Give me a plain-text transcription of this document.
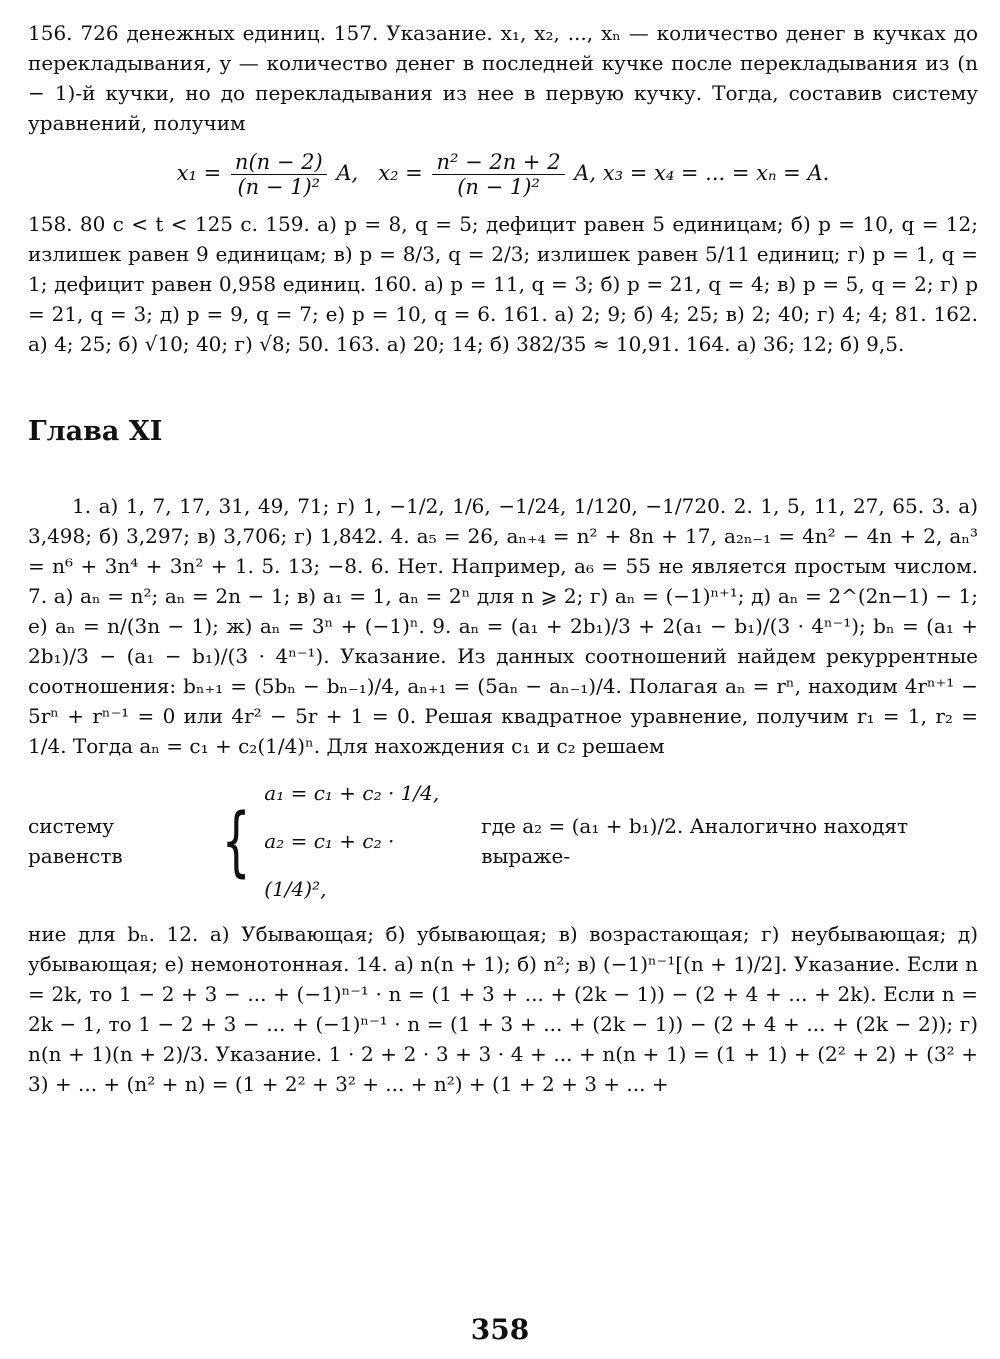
156. 726 денежных единиц. 157. Указание. x₁, x₂, ..., xₙ — количество денег в кучках до перекладывания, y — количество денег в последней кучке после перекладывания из (n − 1)-й кучки, но до перекладывания из нее в первую кучку. Тогда, составив систему уравнений, получим

$x_1 = \frac{n(n - 2)}{\text{(n − 1)²}} A$, $x_2 = \frac{\text{n² − 2n + 2}}{\text{(n − 1)²}} A$, x₃ = x₄ = ... = xₙ = A.

158. 80 с < t < 125 с. 159. а) p = 8, q = 5; дефицит равен 5 единицам; б) p = 10, q = 12; излишек равен 9 единицам; в) p = 8/3, q = 2/3; излишек равен 5/11 единиц; г) p = 1, q = 1; дефицит равен 0,958 единиц. 160. а) p = 11, q = 3; б) p = 21, q = 4; в) p = 5, q = 2; г) p = 21, q = 3; д) p = 9, q = 7; е) p = 10, q = 6. 161. а) 2; 9; б) 4; 25; в) 2; 40; г) 4; 4; 81. 162. а) 4; 25; б) √10; 40; г) √8; 50. 163. а) 20; 14; б) 382/35 ≈ 10,91. 164. а) 36; 12; б) 9,5.

Глава XI

1. а) 1, 7, 17, 31, 49, 71; г) 1, −1/2, 1/6, −1/24, 1/120, −1/720. 2. 1, 5, 11, 27, 65. 3. а) 3,498; б) 3,297; в) 3,706; г) 1,842. 4. a₅ = 26, aₙ₊₄ = n² + 8n + 17, a₂ₙ₋₁ = 4n² − 4n + 2, aₙ³ = n⁶ + 3n⁴ + 3n² + 1. 5. 13; −8. 6. Нет. Например, a₆ = 55 не является простым числом. 7. а) aₙ = n²; aₙ = 2n − 1; в) a₁ = 1, aₙ = 2ⁿ для n ⩾ 2; г) aₙ = (−1)ⁿ⁺¹; д) aₙ = 2^(2n−1) − 1; е) aₙ = n/(3n − 1); ж) aₙ = 3ⁿ + (−1)ⁿ. 9. aₙ = (a₁ + 2b₁)/3 + 2(a₁ − b₁)/(3 · 4ⁿ⁻¹); bₙ = (a₁ + 2b₁)/3 − (a₁ − b₁)/(3 · 4ⁿ⁻¹). Указание. Из данных соотношений найдем рекуррентные соотношения: bₙ₊₁ = (5bₙ − bₙ₋₁)/4, aₙ₊₁ = (5aₙ − aₙ₋₁)/4. Полагая aₙ = rⁿ, находим 4rⁿ⁺¹ − 5rⁿ + rⁿ⁻¹ = 0 или 4r² − 5r + 1 = 0. Решая квадратное уравнение, получим r₁ = 1, r₂ = 1/4. Тогда aₙ = c₁ + c₂(1/4)ⁿ. Для нахождения c₁ и c₂ решаем

систему равенств	{
a₁ = c₁ + c₂ · 1/4,
a₂ = c₁ + c₂ · (1/4)²,
где a₂ = (a₁ + b₁)/2. Аналогично находят выраже-

ние для bₙ. 12. а) Убывающая; б) убывающая; в) возрастающая; г) неубывающая; д) убывающая; е) немонотонная. 14. а) n(n + 1); б) n²; в) (−1)ⁿ⁻¹[(n + 1)/2]. Указание. Если n = 2k, то 1 − 2 + 3 − ... + (−1)ⁿ⁻¹ · n = (1 + 3 + ... + (2k − 1)) − (2 + 4 + ... + 2k). Если n = 2k − 1, то 1 − 2 + 3 − ... + (−1)ⁿ⁻¹ · n = (1 + 3 + ... + (2k − 1)) − (2 + 4 + ... + (2k − 2)); г) n(n + 1)(n + 2)/3. Указание. 1 · 2 + 2 · 3 + 3 · 4 + ... + n(n + 1) = (1 + 1) + (2² + 2) + (3² + 3) + ... + (n² + n) = (1 + 2² + 3² + ... + n²) + (1 + 2 + 3 + ... +

358
